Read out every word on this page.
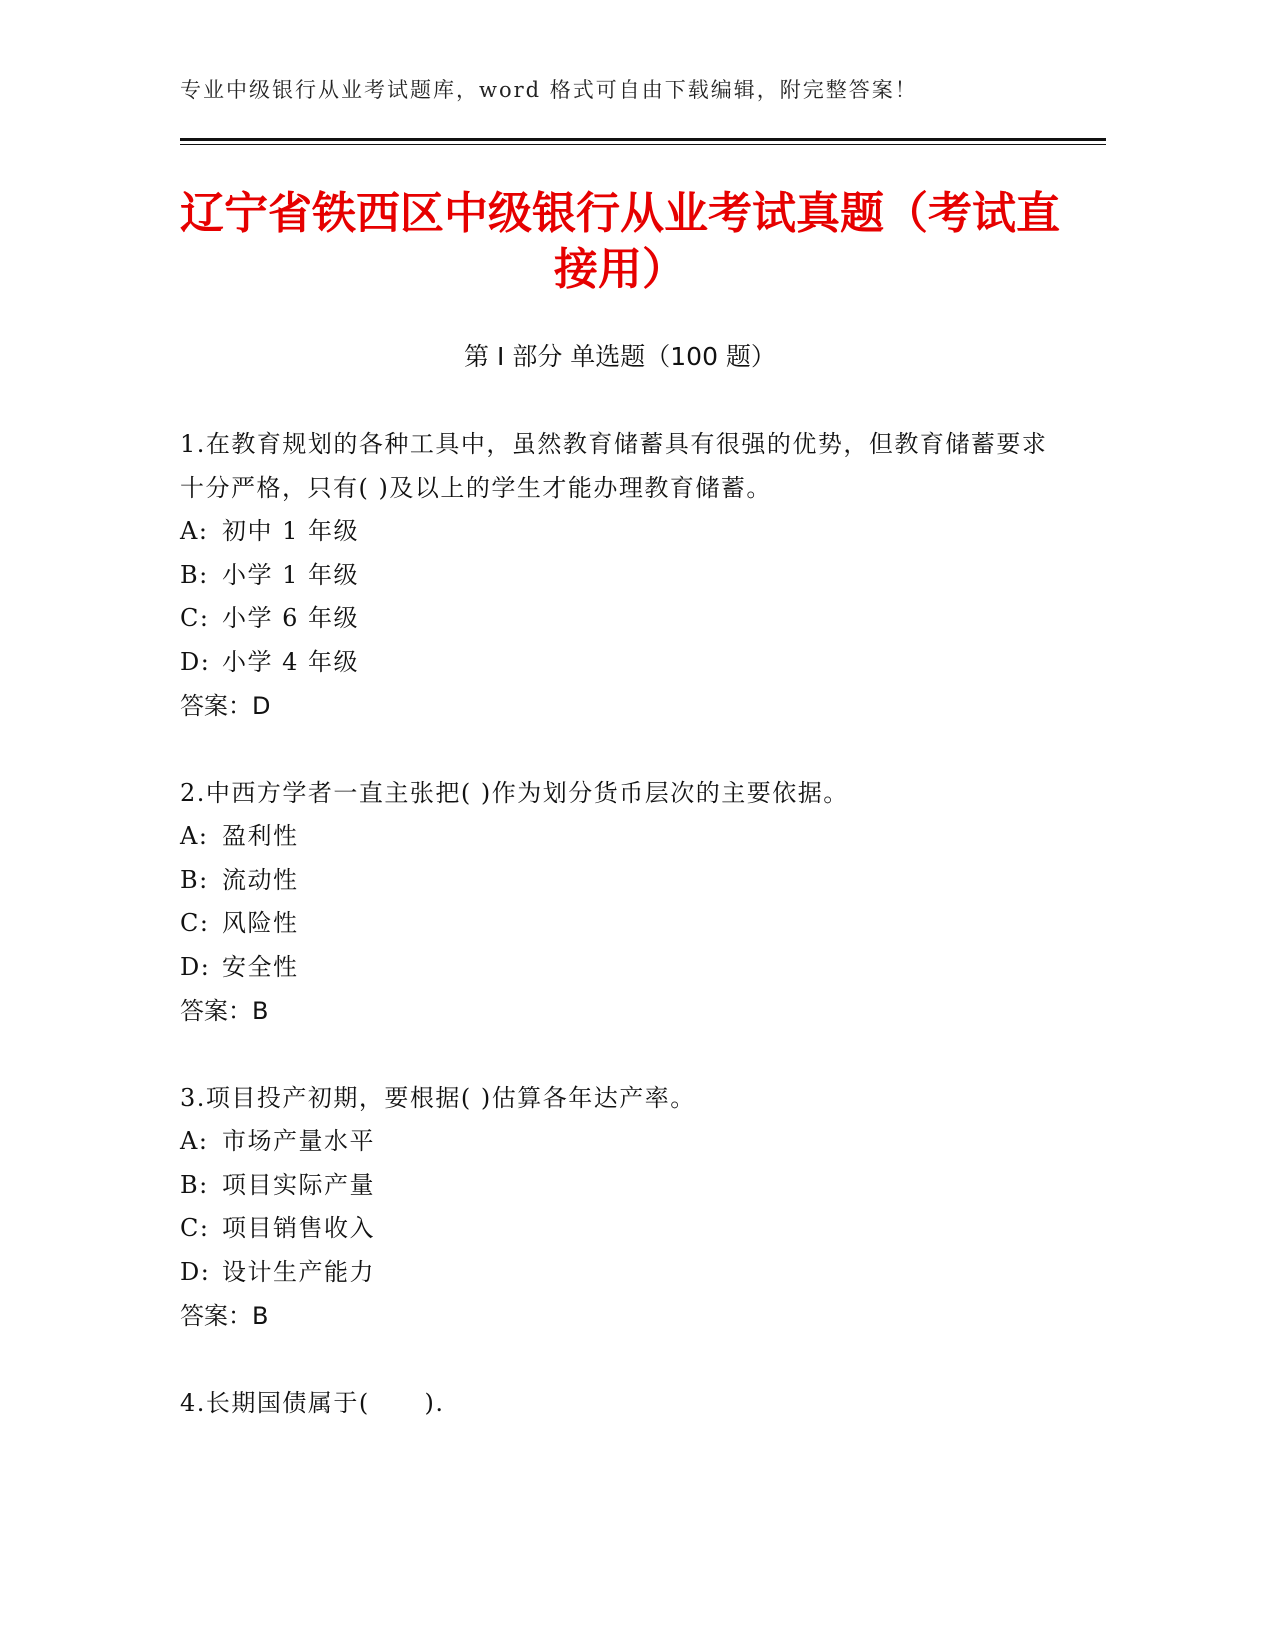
专业中级银行从业考试题库，word 格式可自由下载编辑，附完整答案！
辽宁省铁西区中级银行从业考试真题（考试直接用）
第 I 部分 单选题（100 题）

1.在教育规划的各种工具中，虽然教育储蓄具有很强的优势，但教育储蓄要求十分严格，只有( )及以上的学生才能办理教育储蓄。

A: 初中 1 年级

B: 小学 1 年级

C: 小学 6 年级

D: 小学 4 年级

答案：D

2.中西方学者一直主张把( )作为划分货币层次的主要依据。

A: 盈利性

B: 流动性

C: 风险性

D: 安全性

答案：B

3.项目投产初期，要根据( )估算各年达产率。

A: 市场产量水平

B: 项目实际产量

C: 项目销售收入

D: 设计生产能力

答案：B

4.长期国债属于(      ).
